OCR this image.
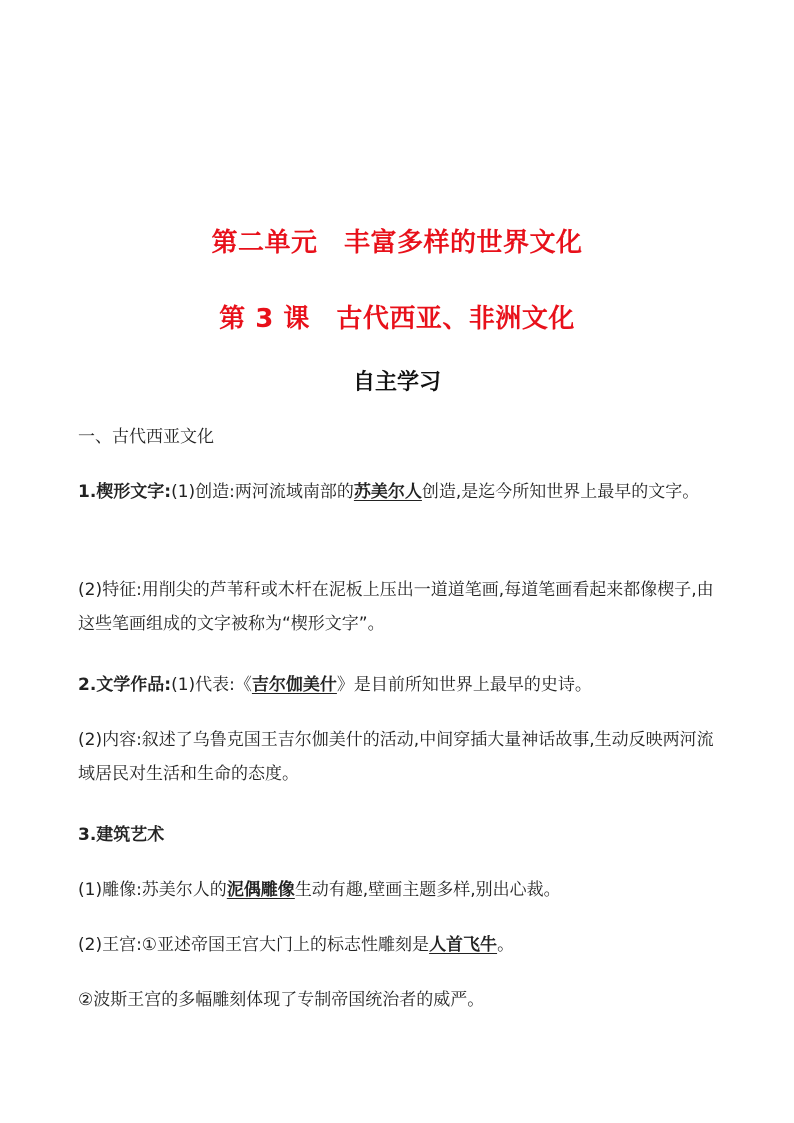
第二单元　丰富多样的世界文化
第 3 课　古代西亚、非洲文化
自主学习
一、古代西亚文化
1.楔形文字:(1)创造:两河流域南部的苏美尔人创造,是迄今所知世界上最早的文字。
(2)特征:用削尖的芦苇秆或木杆在泥板上压出一道道笔画,每道笔画看起来都像楔子,由这些笔画组成的文字被称为“楔形文字”。
2.文学作品:(1)代表:《吉尔伽美什》是目前所知世界上最早的史诗。
(2)内容:叙述了乌鲁克国王吉尔伽美什的活动,中间穿插大量神话故事,生动反映两河流域居民对生活和生命的态度。
3.建筑艺术
(1)雕像:苏美尔人的泥偶雕像生动有趣,壁画主题多样,别出心裁。
(2)王宫:①亚述帝国王宫大门上的标志性雕刻是人首飞牛。
②波斯王宫的多幅雕刻体现了专制帝国统治者的威严。
